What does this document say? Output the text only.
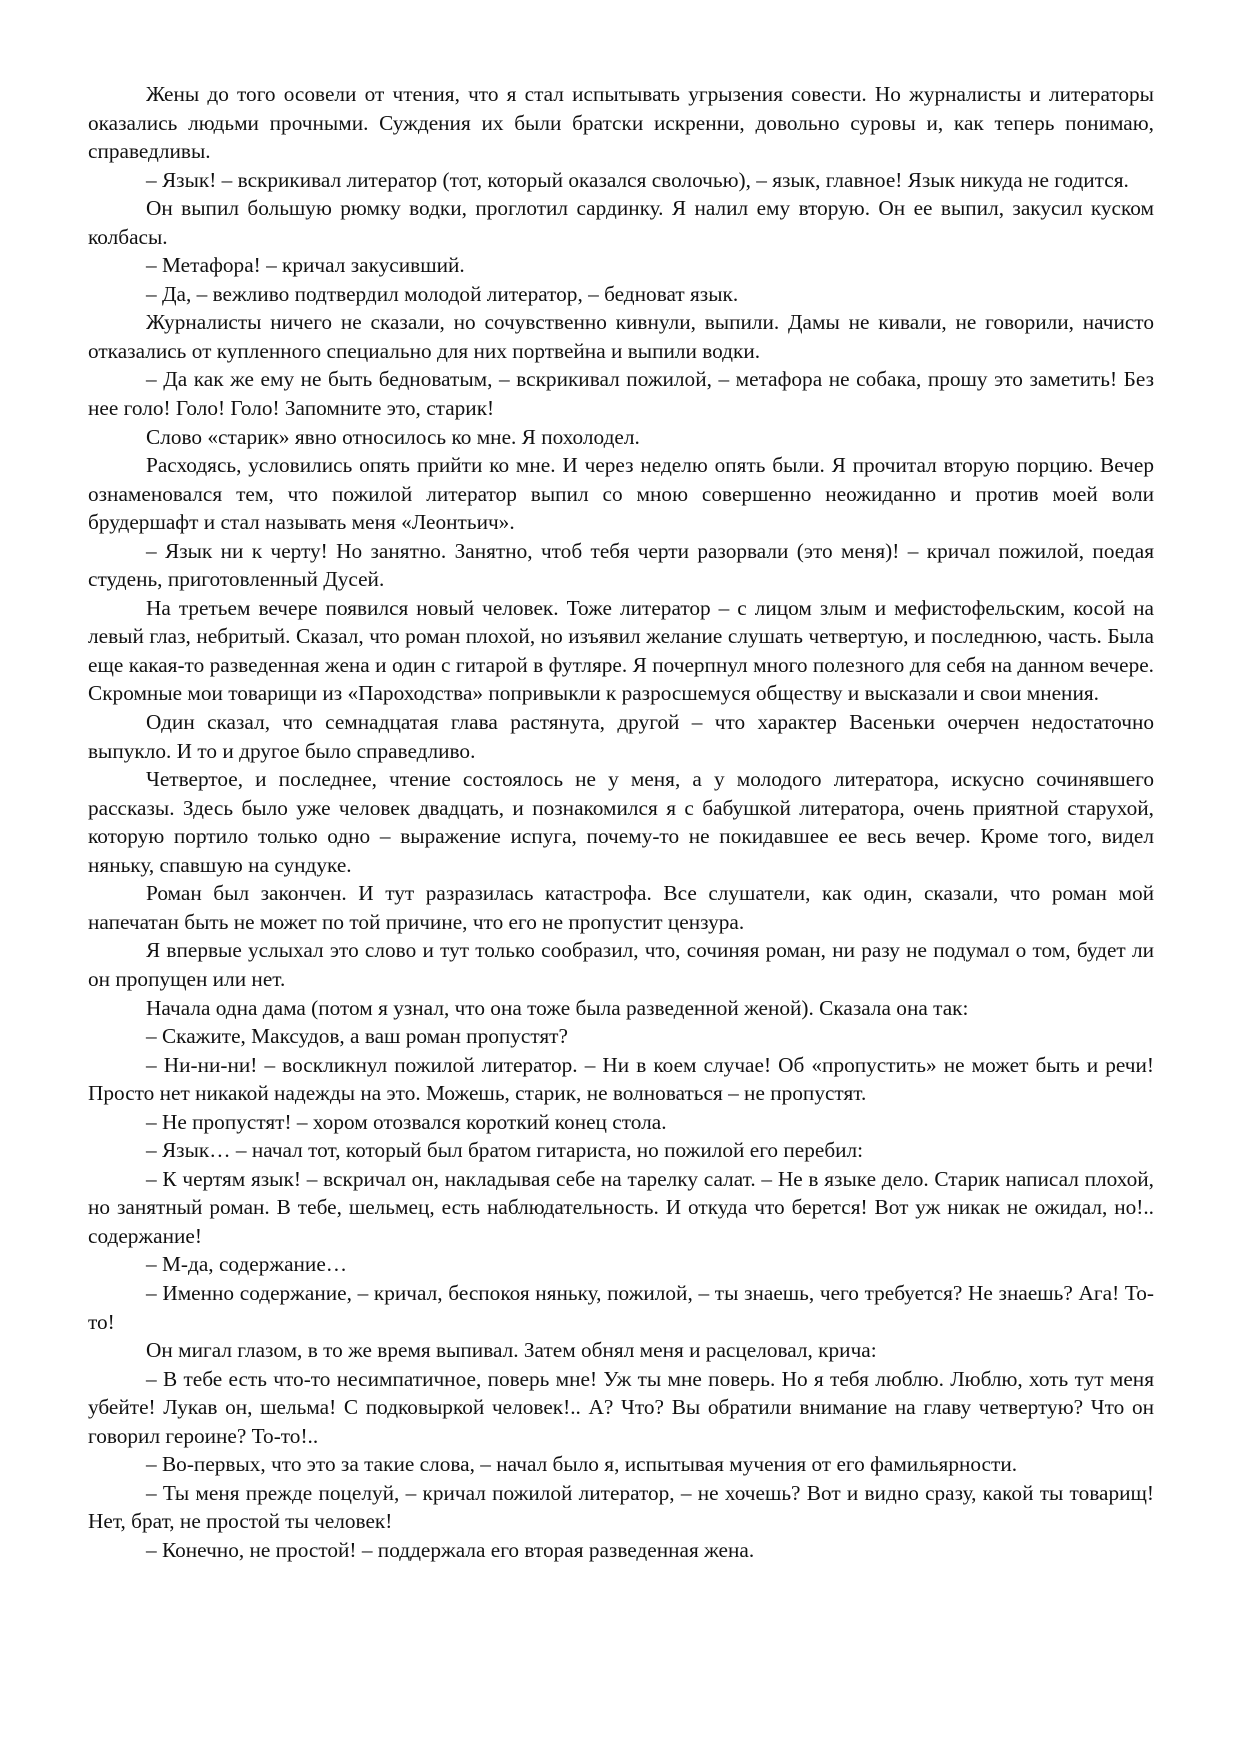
Жены до того осовели от чтения, что я стал испытывать угрызения совести. Но журналисты и литераторы оказались людьми прочными. Суждения их были братски искренни, довольно суровы и, как теперь понимаю, справедливы.

– Язык! – вскрикивал литератор (тот, который оказался сволочью), – язык, главное! Язык никуда не годится.

Он выпил большую рюмку водки, проглотил сардинку. Я налил ему вторую. Он ее выпил, закусил куском колбасы.

– Метафора! – кричал закусивший.

– Да, – вежливо подтвердил молодой литератор, – бедноват язык.

Журналисты ничего не сказали, но сочувственно кивнули, выпили. Дамы не кивали, не говорили, начисто отказались от купленного специально для них портвейна и выпили водки.

– Да как же ему не быть бедноватым, – вскрикивал пожилой, – метафора не собака, прошу это заметить! Без нее голо! Голо! Голо! Запомните это, старик!

Слово «старик» явно относилось ко мне. Я похолодел.

Расходясь, условились опять прийти ко мне. И через неделю опять были. Я прочитал вторую порцию. Вечер ознаменовался тем, что пожилой литератор выпил со мною совершенно неожиданно и против моей воли брудершафт и стал называть меня «Леонтьич».

– Язык ни к черту! Но занятно. Занятно, чтоб тебя черти разорвали (это меня)! – кричал пожилой, поедая студень, приготовленный Дусей.

На третьем вечере появился новый человек. Тоже литератор – с лицом злым и мефистофельским, косой на левый глаз, небритый. Сказал, что роман плохой, но изъявил желание слушать четвертую, и последнюю, часть. Была еще какая-то разведенная жена и один с гитарой в футляре. Я почерпнул много полезного для себя на данном вечере. Скромные мои товарищи из «Пароходства» попривыкли к разросшемуся обществу и высказали и свои мнения.

Один сказал, что семнадцатая глава растянута, другой – что характер Васеньки очерчен недостаточно выпукло. И то и другое было справедливо.

Четвертое, и последнее, чтение состоялось не у меня, а у молодого литератора, искусно сочинявшего рассказы. Здесь было уже человек двадцать, и познакомился я с бабушкой литератора, очень приятной старухой, которую портило только одно – выражение испуга, почему-то не покидавшее ее весь вечер. Кроме того, видел няньку, спавшую на сундуке.

Роман был закончен. И тут разразилась катастрофа. Все слушатели, как один, сказали, что роман мой напечатан быть не может по той причине, что его не пропустит цензура.

Я впервые услыхал это слово и тут только сообразил, что, сочиняя роман, ни разу не подумал о том, будет ли он пропущен или нет.

Начала одна дама (потом я узнал, что она тоже была разведенной женой). Сказала она так:

– Скажите, Максудов, а ваш роман пропустят?

– Ни-ни-ни! – воскликнул пожилой литератор. – Ни в коем случае! Об «пропустить» не может быть и речи! Просто нет никакой надежды на это. Можешь, старик, не волноваться – не пропустят.

– Не пропустят! – хором отозвался короткий конец стола.

– Язык… – начал тот, который был братом гитариста, но пожилой его перебил:

– К чертям язык! – вскричал он, накладывая себе на тарелку салат. – Не в языке дело. Старик написал плохой, но занятный роман. В тебе, шельмец, есть наблюдательность. И откуда что берется! Вот уж никак не ожидал, но!.. содержание!

– М-да, содержание…

– Именно содержание, – кричал, беспокоя няньку, пожилой, – ты знаешь, чего требуется? Не знаешь? Ага! То-то!

Он мигал глазом, в то же время выпивал. Затем обнял меня и расцеловал, крича:

– В тебе есть что-то несимпатичное, поверь мне! Уж ты мне поверь. Но я тебя люблю. Люблю, хоть тут меня убейте! Лукав он, шельма! С подковыркой человек!.. А? Что? Вы обратили внимание на главу четвертую? Что он говорил героине? То-то!..

– Во-первых, что это за такие слова, – начал было я, испытывая мучения от его фамильярности.

– Ты меня прежде поцелуй, – кричал пожилой литератор, – не хочешь? Вот и видно сразу, какой ты товарищ! Нет, брат, не простой ты человек!

– Конечно, не простой! – поддержала его вторая разведенная жена.
